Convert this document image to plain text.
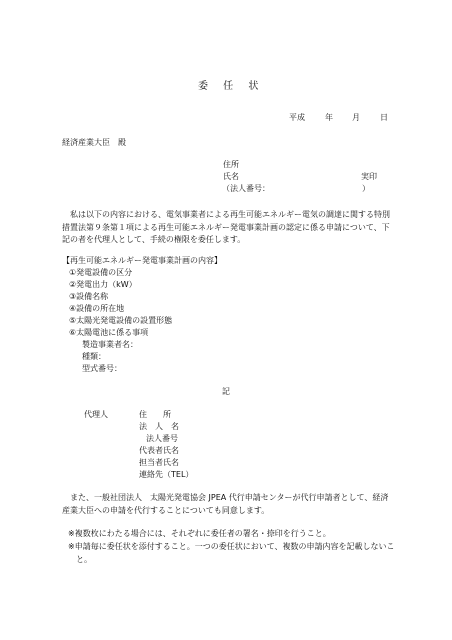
委 任 状
平成	年 月	日
経済産業大臣　殿
住所
氏名	実印
（法人番号：　　　　　　　　　　　　）
　私は以下の内容における、電気事業者による再生可能エネルギー電気の調達に関する特別措置法第９条第１項による再生可能エネルギー発電事業計画の認定に係る申請について、下記の者を代理人として、手続の権限を委任します。
【再生可能エネルギー発電事業計画の内容】
①発電設備の区分
②発電出力（kW）
③設備名称
④設備の所在地
⑤太陽光発電設備の設置形態
⑥太陽電池に係る事項
製造事業者名：
種類：
型式番号：
記
代理人	住　　所
法　人　名
法人番号
代表者氏名
担当者氏名
連絡先（TEL）
　また、一般社団法人　太陽光発電協会 JPEA 代行申請センターが代行申請者として、経済産業大臣への申請を代行することについても同意します。
※複数枚にわたる場合には、それぞれに委任者の署名・捺印を行うこと。
※申請毎に委任状を添付すること。一つの委任状において、複数の申請内容を記載しないこと。
